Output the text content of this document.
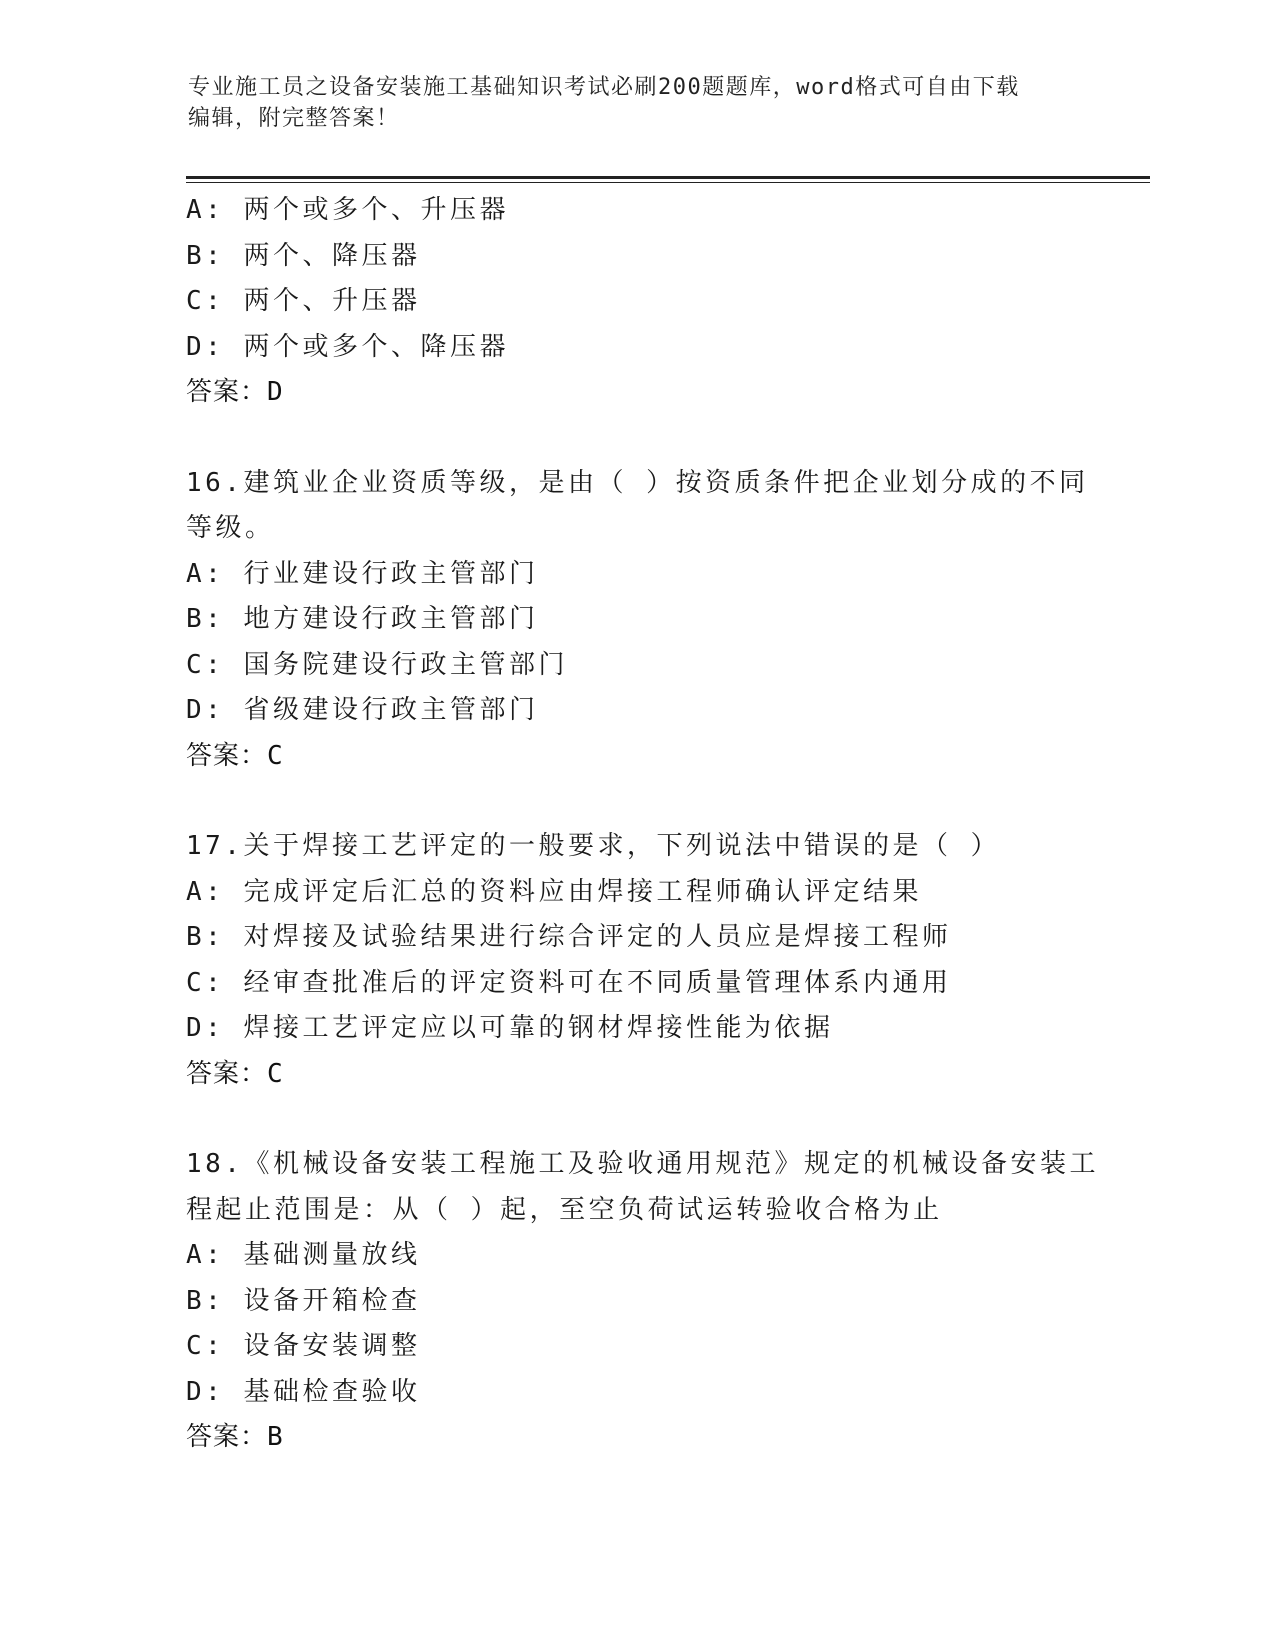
专业施工员之设备安装施工基础知识考试必刷200题题库，word格式可自由下载
编辑，附完整答案！
A: 两个或多个、升压器
B: 两个、降压器
C: 两个、升压器
D: 两个或多个、降压器
答案：D
16.建筑业企业资质等级，是由（ ）按资质条件把企业划分成的不同
等级。
A: 行业建设行政主管部门
B: 地方建设行政主管部门
C: 国务院建设行政主管部门
D: 省级建设行政主管部门
答案：C
17.关于焊接工艺评定的一般要求，下列说法中错误的是（ ）
A: 完成评定后汇总的资料应由焊接工程师确认评定结果
B: 对焊接及试验结果进行综合评定的人员应是焊接工程师
C: 经审查批准后的评定资料可在不同质量管理体系内通用
D: 焊接工艺评定应以可靠的钢材焊接性能为依据
答案：C
18.《机械设备安装工程施工及验收通用规范》规定的机械设备安装工
程起止范围是：从（ ）起，至空负荷试运转验收合格为止
A: 基础测量放线
B: 设备开箱检查
C: 设备安装调整
D: 基础检查验收
答案：B
